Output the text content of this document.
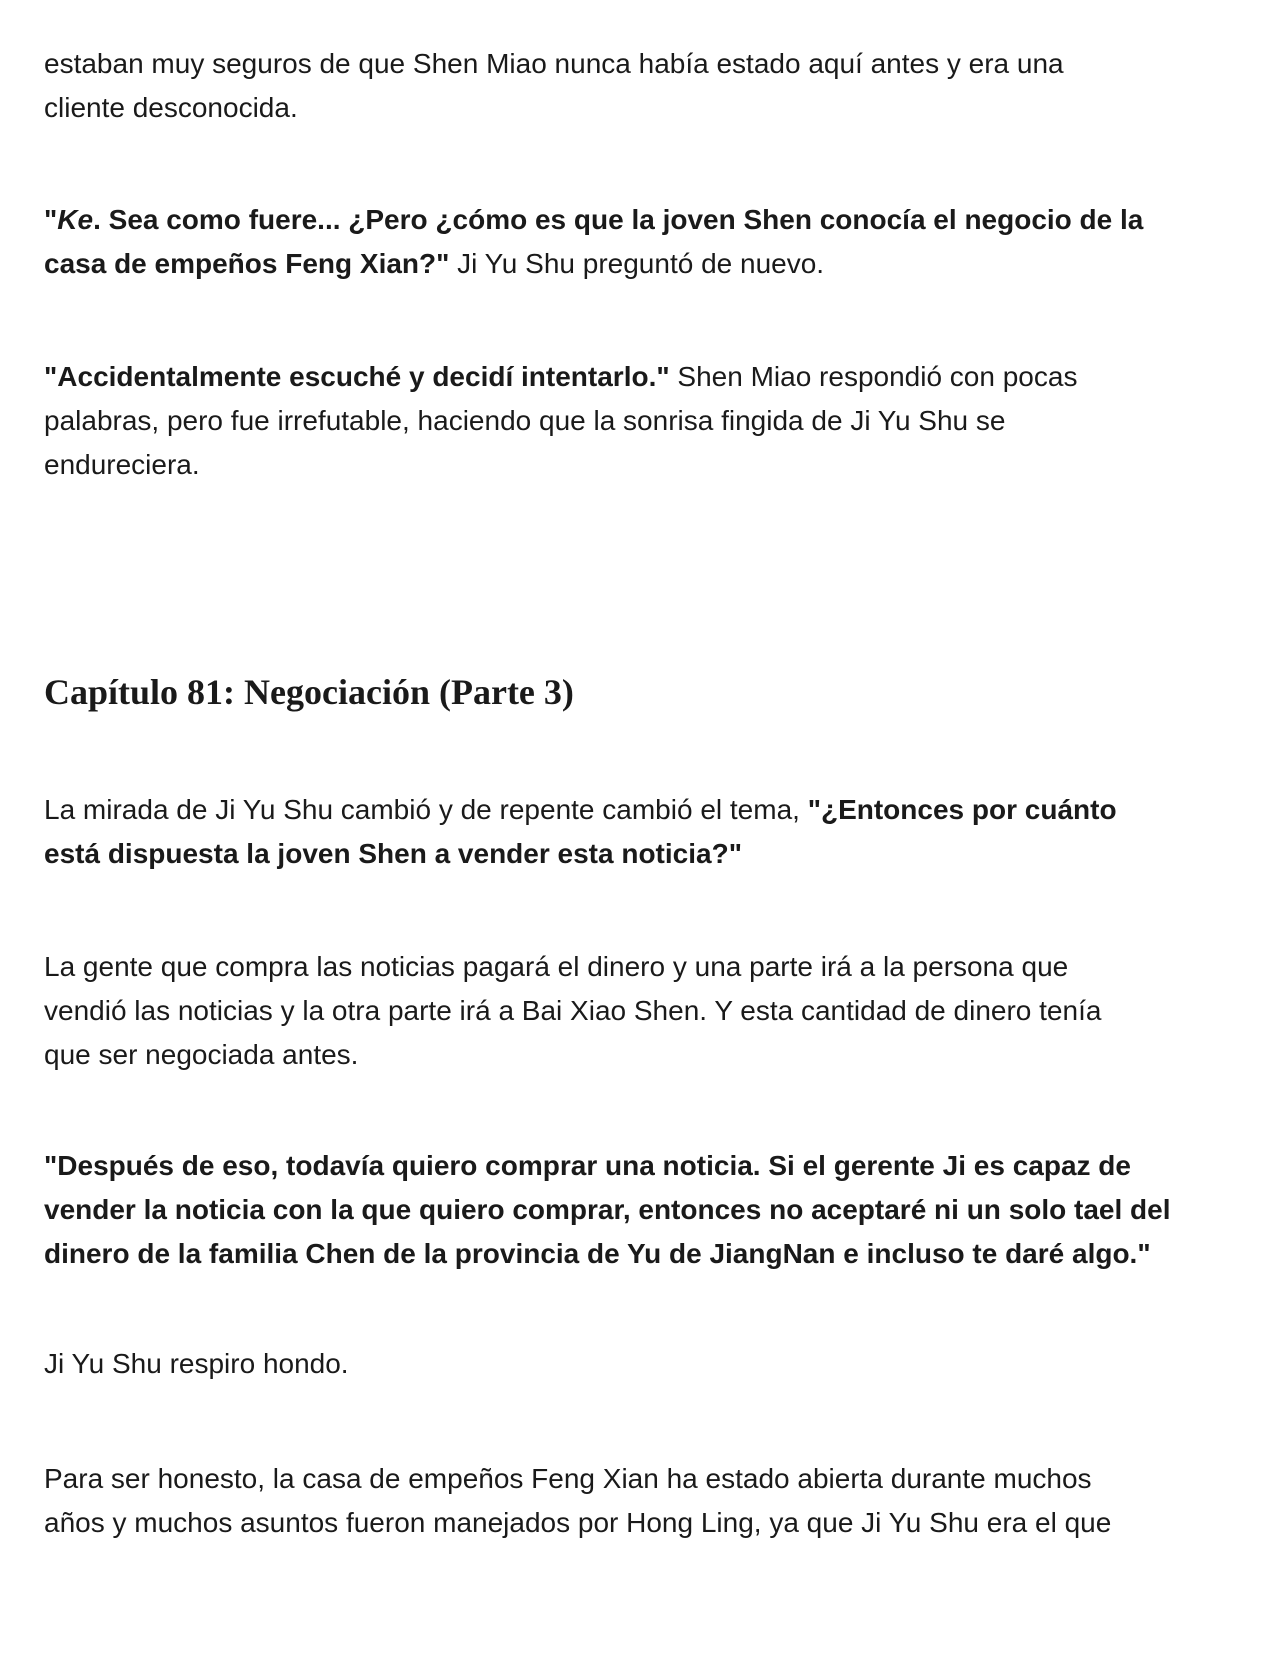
estaban muy seguros de que Shen Miao nunca había estado aquí antes y era una
cliente desconocida.

"Ke. Sea como fuere... ¿Pero ¿cómo es que la joven Shen conocía el negocio de la
casa de empeños Feng Xian?" Ji Yu Shu preguntó de nuevo.

"Accidentalmente escuché y decidí intentarlo." Shen Miao respondió con pocas
palabras, pero fue irrefutable, haciendo que la sonrisa fingida de Ji Yu Shu se
endureciera.

Capítulo 81: Negociación (Parte 3)

La mirada de Ji Yu Shu cambió y de repente cambió el tema, "¿Entonces por cuánto
está dispuesta la joven Shen a vender esta noticia?"

La gente que compra las noticias pagará el dinero y una parte irá a la persona que
vendió las noticias y la otra parte irá a Bai Xiao Shen. Y esta cantidad de dinero tenía
que ser negociada antes.

"Después de eso, todavía quiero comprar una noticia. Si el gerente Ji es capaz de
vender la noticia con la que quiero comprar, entonces no aceptaré ni un solo tael del
dinero de la familia Chen de la provincia de Yu de JiangNan e incluso te daré algo."

Ji Yu Shu respiro hondo.

Para ser honesto, la casa de empeños Feng Xian ha estado abierta durante muchos
años y muchos asuntos fueron manejados por Hong Ling, ya que Ji Yu Shu era el que
